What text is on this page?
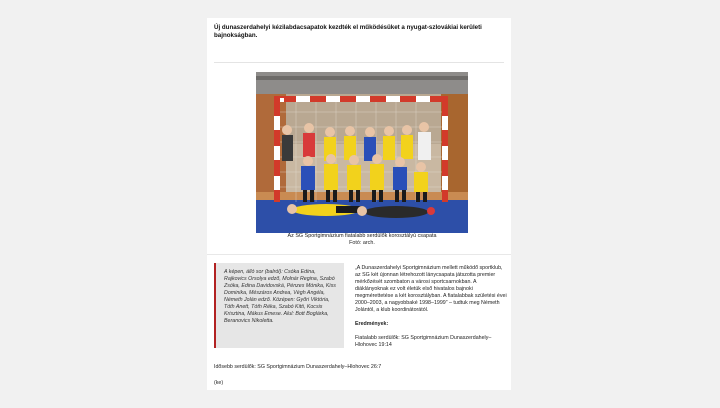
Új dunaszerdahelyi kézilabdacsapatok kezdték el működésüket a nyugat-szlovákiai kerületi bajnokságban.
Az SG Sportgimnázium fiatalabb serdülők korosztályú csapata
Fotó: arch.
A képen, álló sor (balról): Csóka Edina, Rajkovics Orsolya edző, Molnár Regina, Szabó Zsóka, Edina Davidovská, Pénzes Mónika, Kiss Dominika, Mészáros Andrea, Végh Angéla, Németh Jolán edző. Középen: Győri Viktória, Tóth Anett, Tóth Réka, Szabó Kitti, Kocsis Krisztina, Mákus Emese. Alul: Bott Boglárka, Beranovics Nikoletta.

„A Dunaszerdahelyi Sportgimnázium mellett működő sportklub, az SG két újonnan létrehozott lánycsapata játszotta premier mérkőzését szombaton a városi sportcsarnokban. A diáklányoknak ez volt életük első hivatalos bajnoki megmérettetése a két korosztályban. A fiatalabbak születési évei 2000–2003, a nagyobbaké 1998–1999” – tudtuk meg Németh Jolántól, a klub koordinátorától.

Eredmények:

Fiatalabb serdülők: SG Sportgimnázium Dunaszerdahely–Hlohovec 19:14

Idősebb serdülők: SG Sportgimnázium Dunaszerdahely–Hlohovec 26:7
(ke)
